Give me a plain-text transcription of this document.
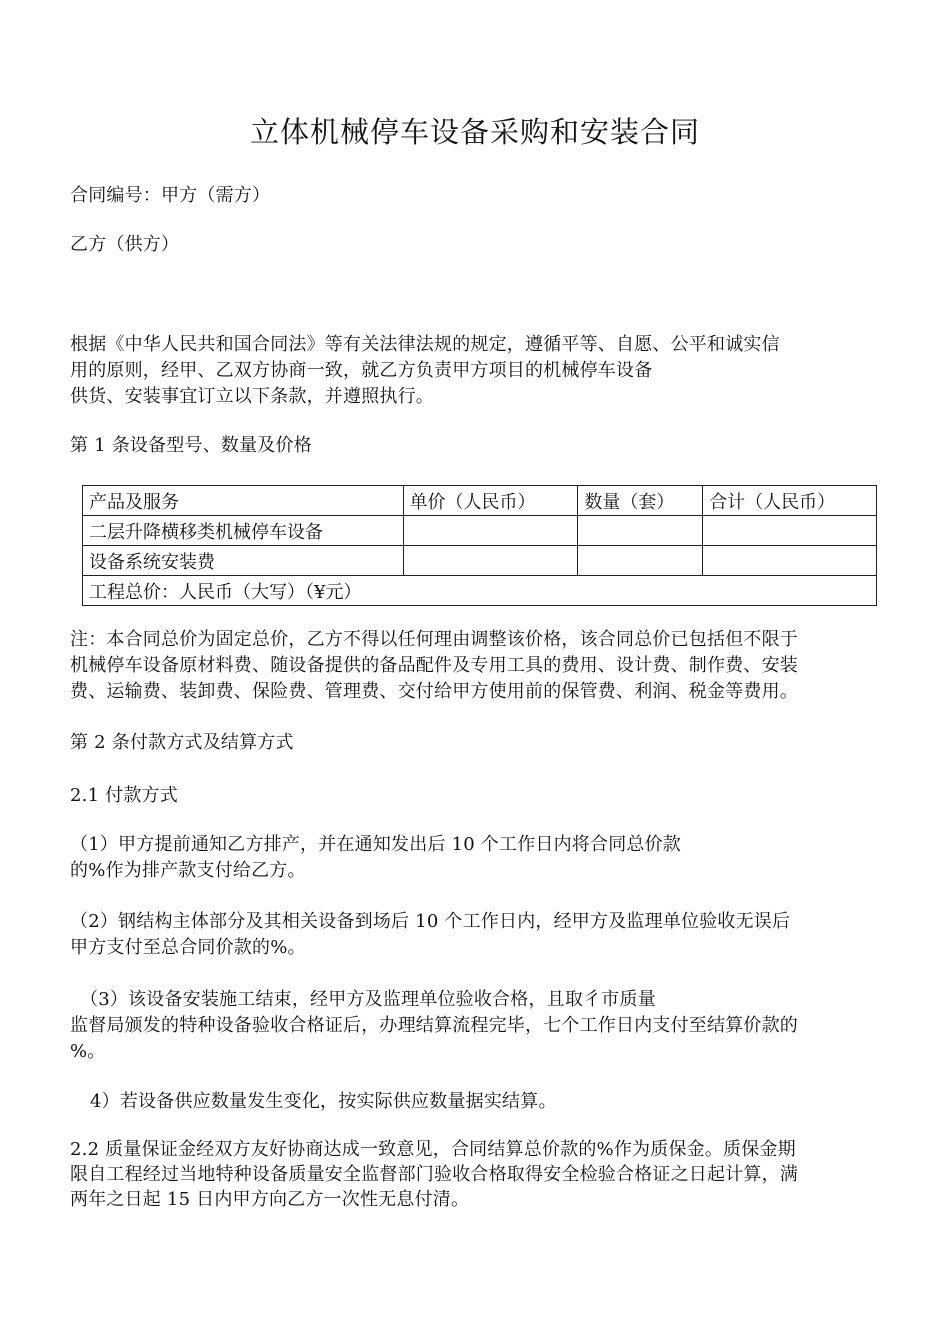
立体机械停车设备采购和安装合同
合同编号：甲方（需方）
乙方（供方）
根据《中华人民共和国合同法》等有关法律法规的规定，遵循平等、自愿、公平和诚实信
用的原则，经甲、乙双方协商一致，就乙方负责甲方项目的机械停车设备
供货、安装事宜订立以下条款，并遵照执行。
第 1 条设备型号、数量及价格
产品及服务	单价（人民币）	数量（套）	合计（人民币）
二层升降横移类机械停车设备			
设备系统安装费			
工程总价：人民币（大写）（¥元）			
注：本合同总价为固定总价，乙方不得以任何理由调整该价格，该合同总价已包括但不限于
机械停车设备原材料费、随设备提供的备品配件及专用工具的费用、设计费、制作费、安装
费、运输费、装卸费、保险费、管理费、交付给甲方使用前的保管费、利润、税金等费用。
第 2 条付款方式及结算方式
2.1 付款方式
（1）甲方提前通知乙方排产，并在通知发出后 10 个工作日内将合同总价款
的%作为排产款支付给乙方。
（2）钢结构主体部分及其相关设备到场后 10 个工作日内，经甲方及监理单位验收无误后
甲方支付至总合同价款的%。
（3）该设备安装施工结束，经甲方及监理单位验收合格，且取彳市质量
监督局颁发的特种设备验收合格证后，办理结算流程完毕，七个工作日内支付至结算价款的
%。
4）若设备供应数量发生变化，按实际供应数量据实结算。
2.2 质量保证金经双方友好协商达成一致意见，合同结算总价款的%作为质保金。质保金期
限自工程经过当地特种设备质量安全监督部门验收合格取得安全检验合格证之日起计算，满
两年之日起 15 日内甲方向乙方一次性无息付清。
